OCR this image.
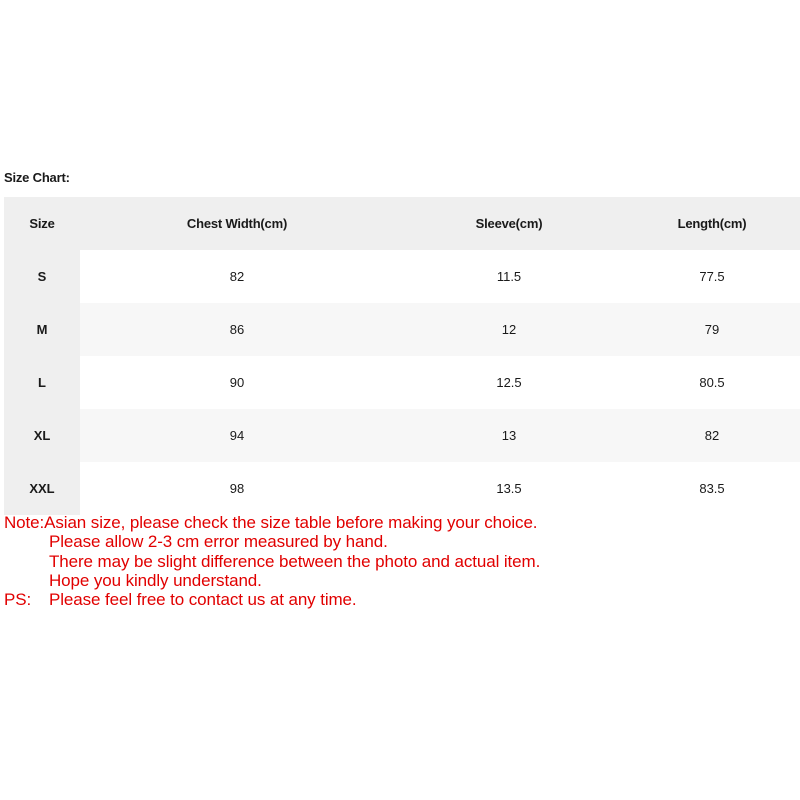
Size Chart:
Size	Chest Width(cm)	Sleeve(cm)	Length(cm)
S	82	11.5	77.5
M	86	12	79
L	90	12.5	80.5
XL	94	13	82
XXL	98	13.5	83.5
Note: Asian size, please check the size table before making your choice.
Please allow 2-3 cm error measured by hand.
There may be slight difference between the photo and actual item.
Hope you kindly understand.
PS:	Please feel free to contact us at any time.
